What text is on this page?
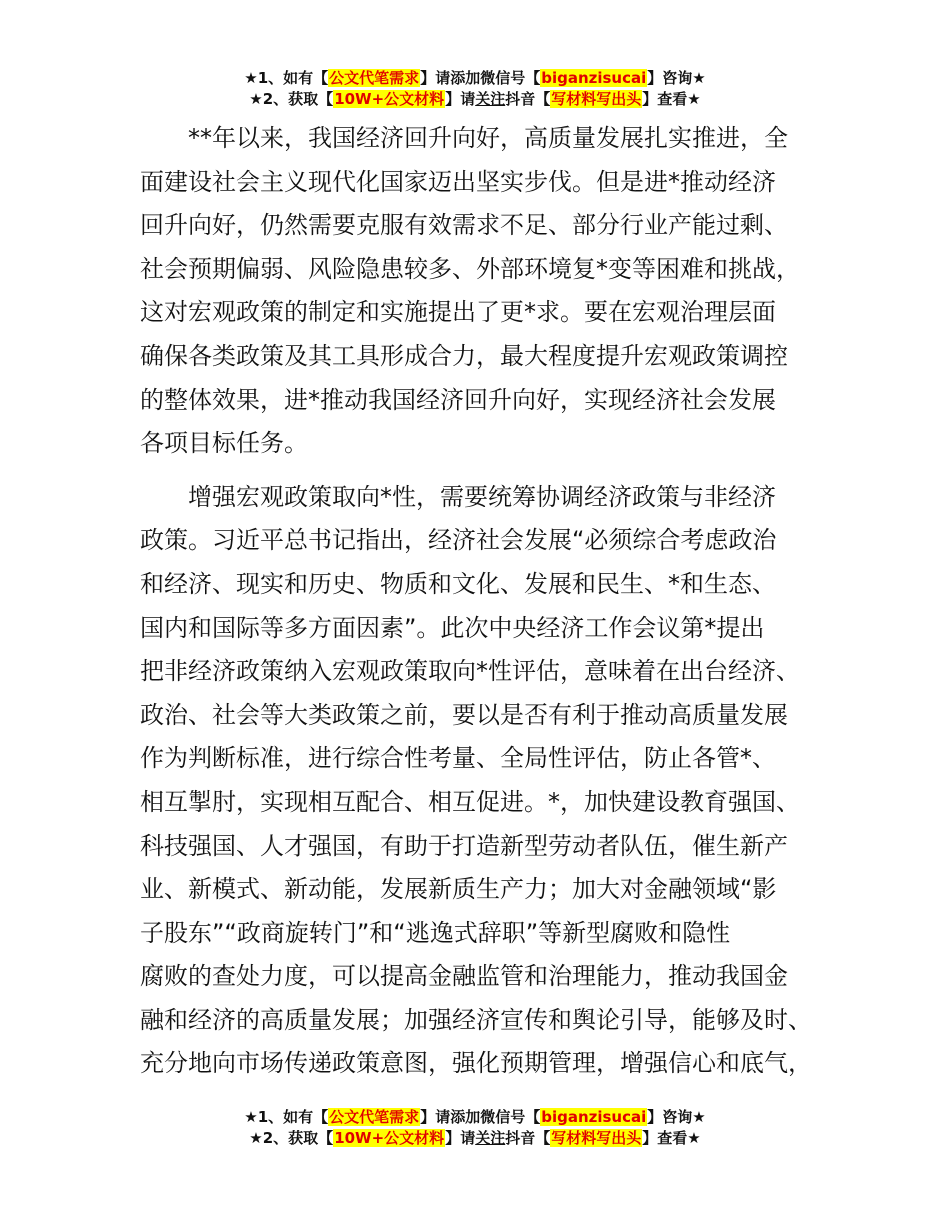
★1、如有【公文代笔需求】请添加微信号【biganzisucai】咨询★
★2、获取【10W+公文材料】请关注抖音【写材料写出头】查看★
**年以来，我国经济回升向好，高质量发展扎实推进，全
面建设社会主义现代化国家迈出坚实步伐。但是进*推动经济
回升向好，仍然需要克服有效需求不足、部分行业产能过剩、
社会预期偏弱、风险隐患较多、外部环境复*变等困难和挑战，
这对宏观政策的制定和实施提出了更*求。要在宏观治理层面
确保各类政策及其工具形成合力，最大程度提升宏观政策调控
的整体效果，进*推动我国经济回升向好，实现经济社会发展
各项目标任务。
增强宏观政策取向*性，需要统筹协调经济政策与非经济
政策。习近平总书记指出，经济社会发展“必须综合考虑政治
和经济、现实和历史、物质和文化、发展和民生、*和生态、
国内和国际等多方面因素”。此次中央经济工作会议第*提出
把非经济政策纳入宏观政策取向*性评估，意味着在出台经济、
政治、社会等大类政策之前，要以是否有利于推动高质量发展
作为判断标准，进行综合性考量、全局性评估，防止各管*、
相互掣肘，实现相互配合、相互促进。*，加快建设教育强国、
科技强国、人才强国，有助于打造新型劳动者队伍，催生新产
业、新模式、新动能，发展新质生产力；加大对金融领域“影
子股东”“政商旋转门”和“逃逸式辞职”等新型腐败和隐性
腐败的查处力度，可以提高金融监管和治理能力，推动我国金
融和经济的高质量发展；加强经济宣传和舆论引导，能够及时、
充分地向市场传递政策意图，强化预期管理，增强信心和底气，
★1、如有【公文代笔需求】请添加微信号【biganzisucai】咨询★
★2、获取【10W+公文材料】请关注抖音【写材料写出头】查看★
